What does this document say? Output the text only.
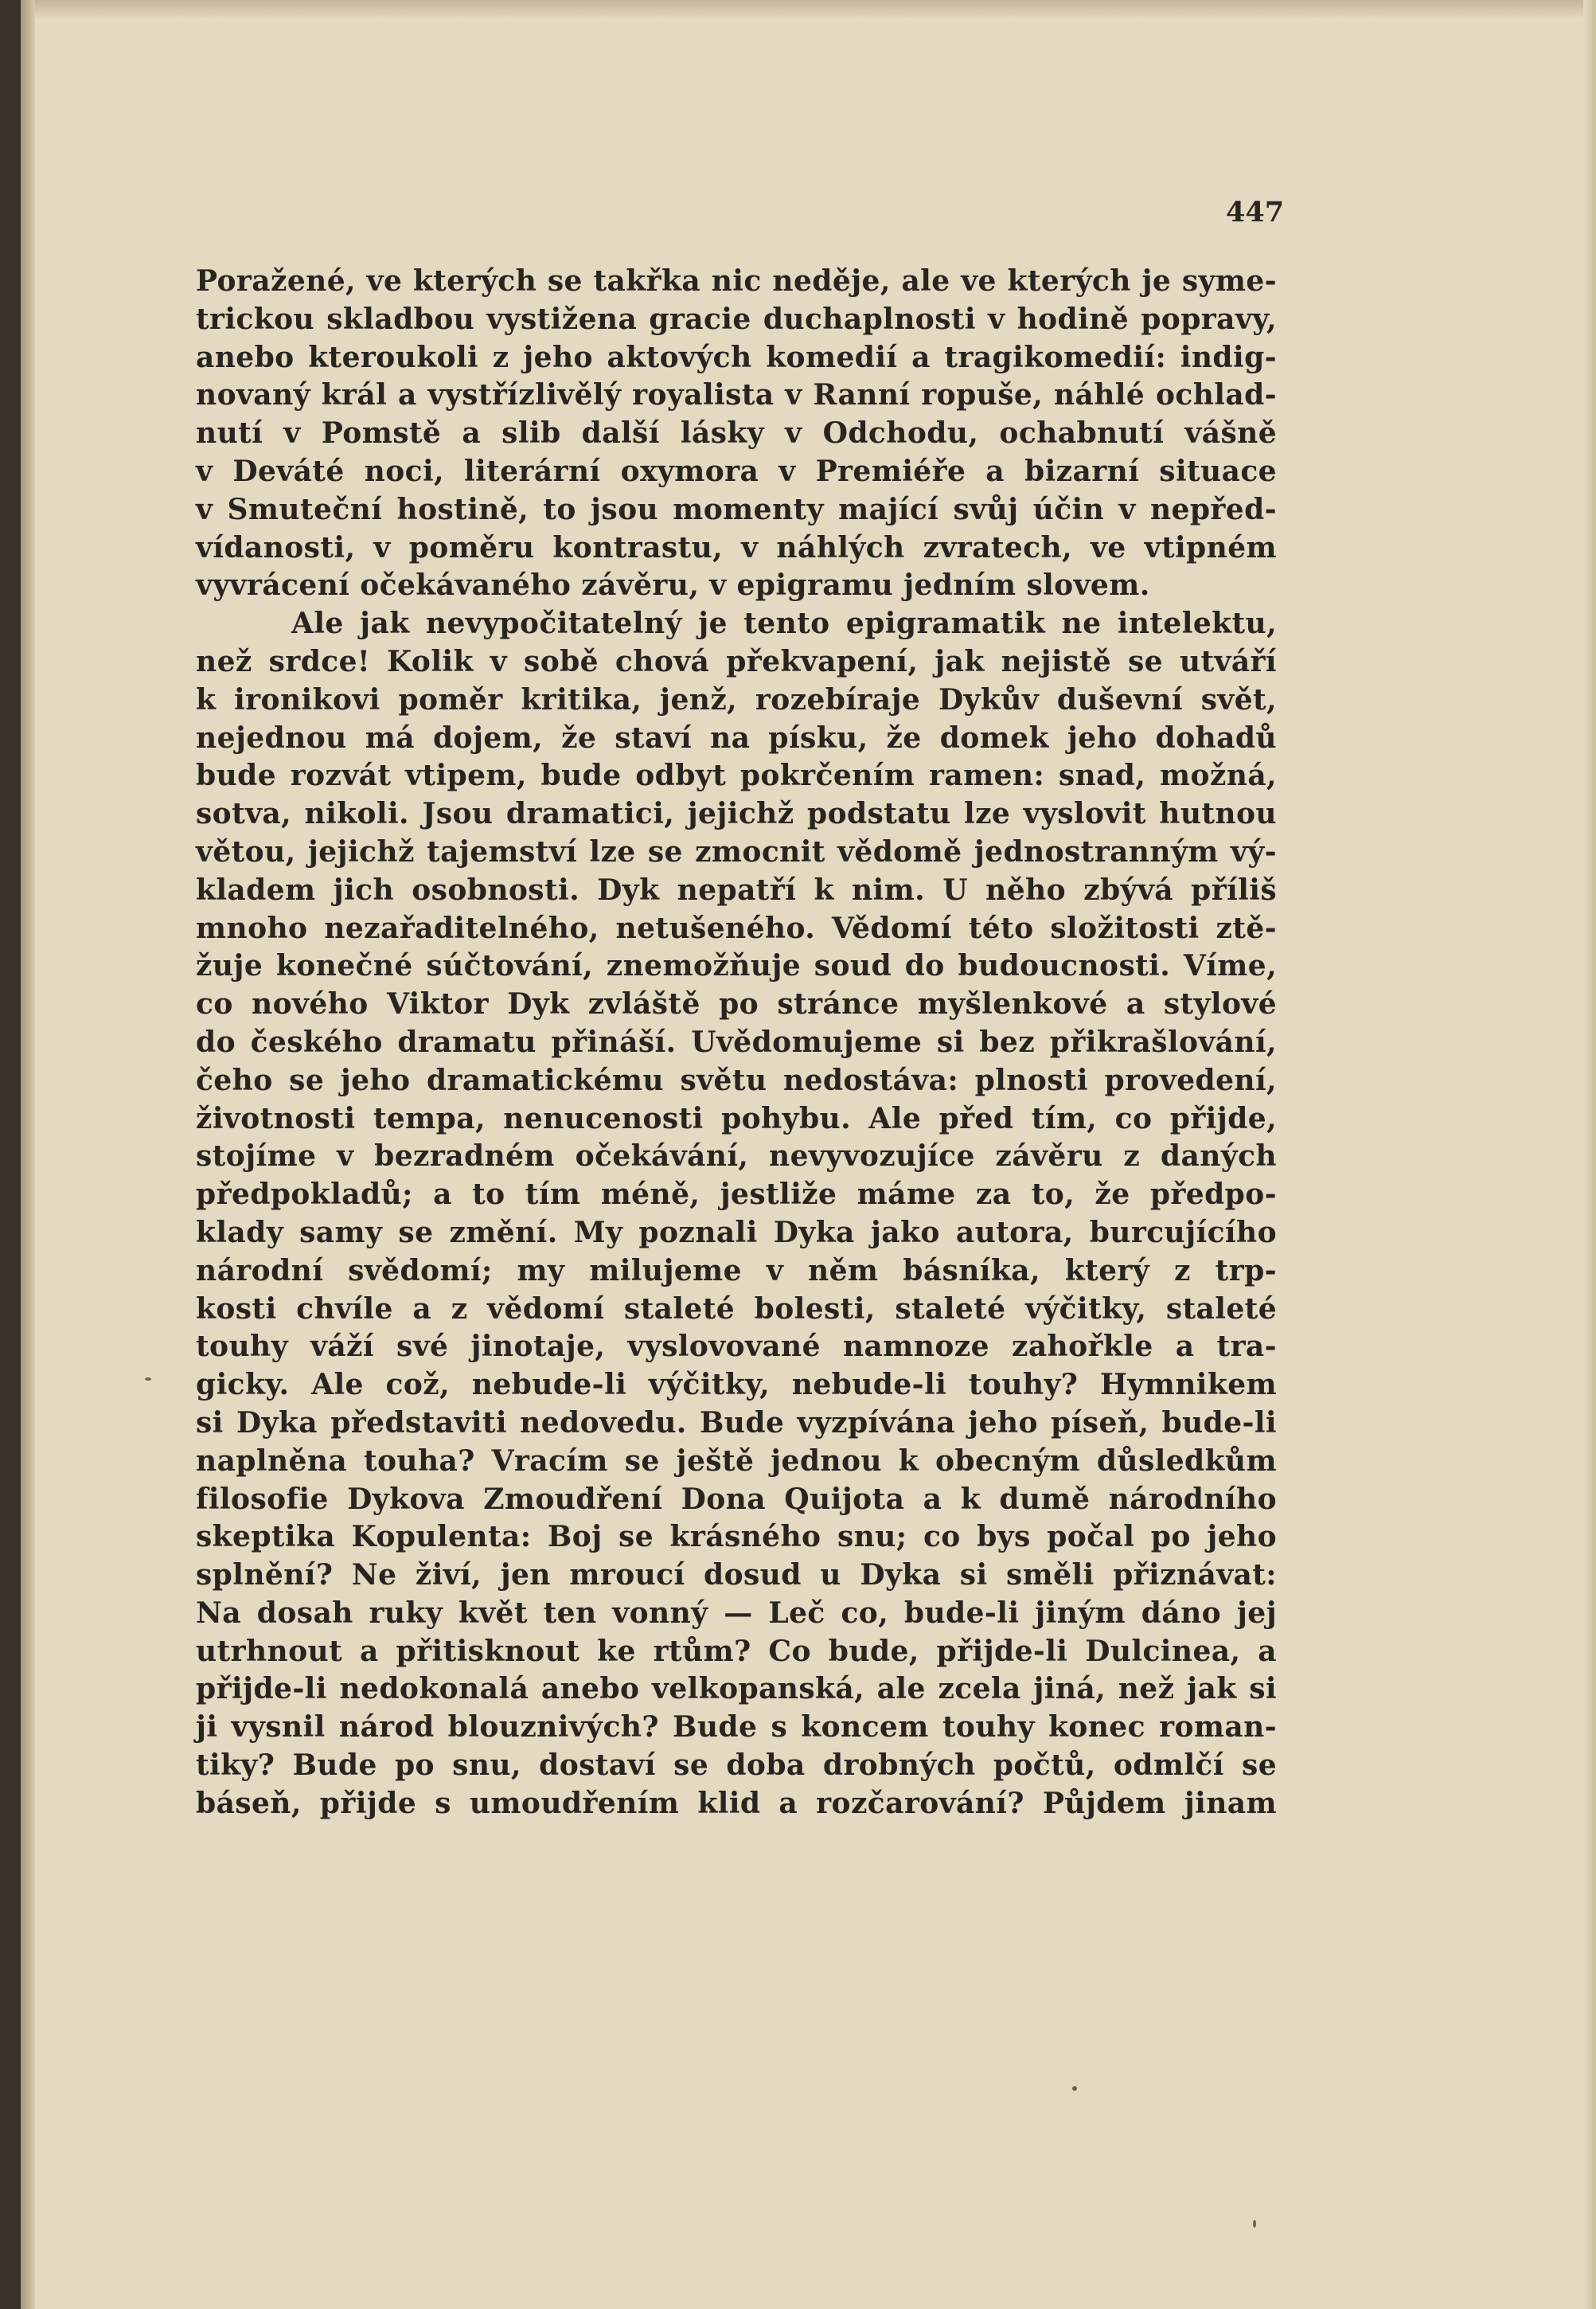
447

Poražené, ve kterých se takřka nic neděje, ale ve kterých je syme-
trickou skladbou vystižena gracie duchaplnosti v hodině popravy,
anebo kteroukoli z jeho aktových komedií a tragikomedií: indig-
novaný král a vystřízlivělý royalista v Ranní ropuše, náhlé ochlad-
nutí v Pomstě a slib další lásky v Odchodu, ochabnutí vášně
v Deváté noci, literární oxymora v Premiéře a bizarní situace
v Smuteční hostině, to jsou momenty mající svůj účin v nepřed-
vídanosti, v poměru kontrastu, v náhlých zvratech, ve vtipném
vyvrácení očekávaného závěru, v epigramu jedním slovem.
Ale jak nevypočitatelný je tento epigramatik ne intelektu,
než srdce! Kolik v sobě chová překvapení, jak nejistě se utváří
k ironikovi poměr kritika, jenž, rozebíraje Dykův duševní svět,
nejednou má dojem, že staví na písku, že domek jeho dohadů
bude rozvát vtipem, bude odbyt pokrčením ramen: snad, možná,
sotva, nikoli. Jsou dramatici, jejichž podstatu lze vyslovit hutnou
větou, jejichž tajemství lze se zmocnit vědomě jednostranným vý-
kladem jich osobnosti. Dyk nepatří k nim. U něho zbývá příliš
mnoho nezařaditelného, netušeného. Vědomí této složitosti ztě-
žuje konečné súčtování, znemožňuje soud do budoucnosti. Víme,
co nového Viktor Dyk zvláště po stránce myšlenkové a stylové
do českého dramatu přináší. Uvědomujeme si bez přikrašlování,
čeho se jeho dramatickému světu nedostáva: plnosti provedení,
životnosti tempa, nenucenosti pohybu. Ale před tím, co přijde,
stojíme v bezradném očekávání, nevyvozujíce závěru z daných
předpokladů; a to tím méně, jestliže máme za to, že předpo-
klady samy se změní. My poznali Dyka jako autora, burcujícího
národní svědomí; my milujeme v něm básníka, který z trp-
kosti chvíle a z vědomí staleté bolesti, staleté výčitky, staleté
touhy váží své jinotaje, vyslovované namnoze zahořkle a tra-
gicky. Ale což, nebude-li výčitky, nebude-li touhy? Hymnikem
si Dyka představiti nedovedu. Bude vyzpívána jeho píseň, bude-li
naplněna touha? Vracím se ještě jednou k obecným důsledkům
filosofie Dykova Zmoudření Dona Quijota a k dumě národního
skeptika Kopulenta: Boj se krásného snu; co bys počal po jeho
splnění? Ne živí, jen mroucí dosud u Dyka si směli přiznávat:
Na dosah ruky květ ten vonný — Leč co, bude-li jiným dáno jej
utrhnout a přitisknout ke rtům? Co bude, přijde-li Dulcinea, a
přijde-li nedokonalá anebo velkopanská, ale zcela jiná, než jak si
ji vysnil národ blouznivých? Bude s koncem touhy konec roman-
tiky? Bude po snu, dostaví se doba drobných počtů, odmlčí se
báseň, přijde s umoudřením klid a rozčarování? Půjdem jinam
